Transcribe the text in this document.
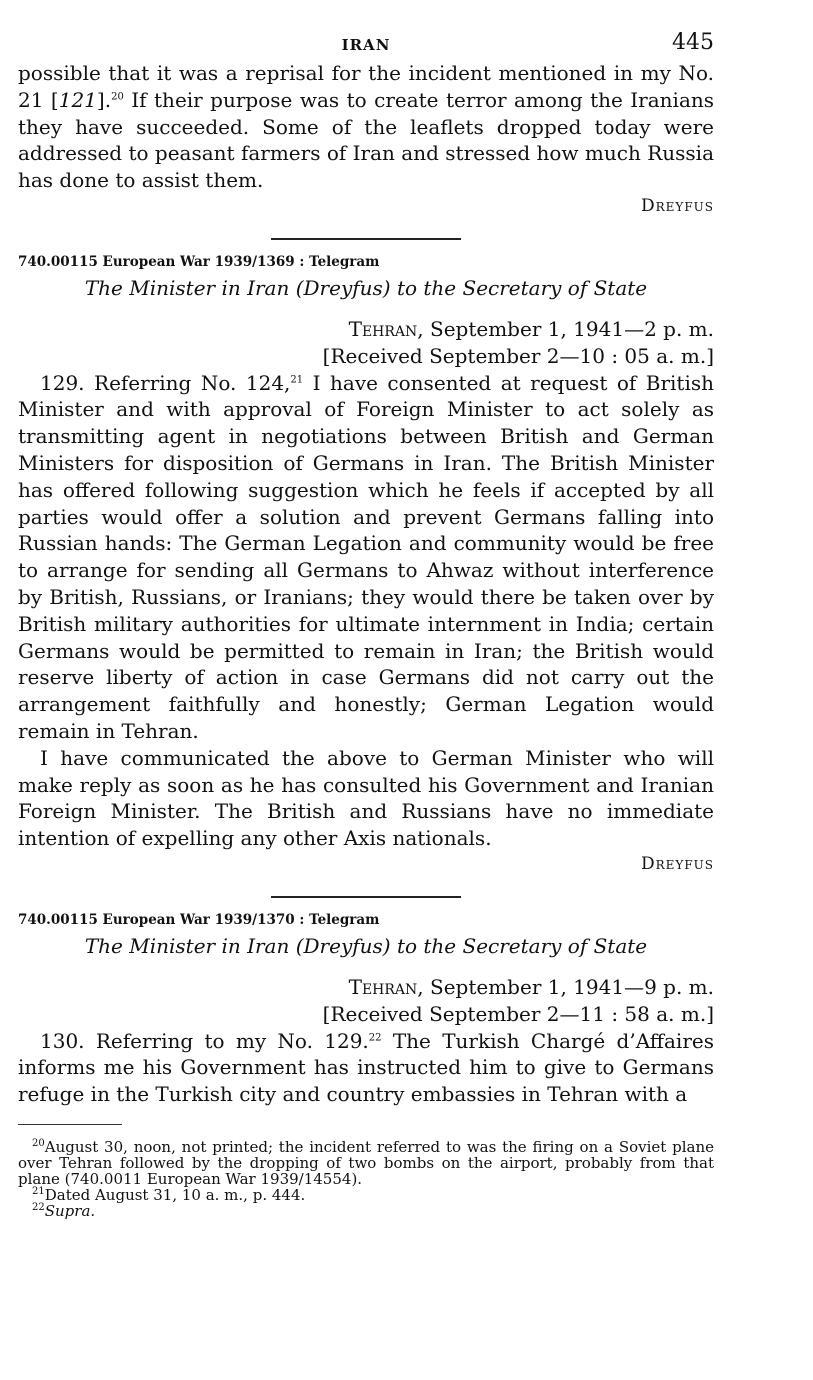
IRAN	445

possible that it was a reprisal for the incident mentioned in my No. 21 [121].$^{20}$ If their purpose was to create terror among the Iranians they have succeeded. Some of the leaflets dropped today were addressed to peasant farmers of Iran and stressed how much Russia has done to assist them.

Dreyfus
740.00115 European War 1939/1369 : Telegram
The Minister in Iran (Dreyfus) to the Secretary of State
Tehran, September 1, 1941—2 p. m.
[Received September 2—10 : 05 a. m.]

129. Referring No. 124,21 I have consented at request of British Minister and with approval of Foreign Minister to act solely as transmitting agent in negotiations between British and German Ministers for disposition of Germans in Iran. The British Minister has offered following suggestion which he feels if accepted by all parties would offer a solution and prevent Germans falling into Russian hands: The German Legation and community would be free to arrange for sending all Germans to Ahwaz without interference by British, Russians, or Iranians; they would there be taken over by British military authorities for ultimate internment in India; certain Germans would be permitted to remain in Iran; the British would reserve liberty of action in case Germans did not carry out the arrangement faithfully and honestly; German Legation would remain in Tehran.

I have communicated the above to German Minister who will make reply as soon as he has consulted his Government and Iranian Foreign Minister. The British and Russians have no immediate intention of expelling any other Axis nationals.

Dreyfus
740.00115 European War 1939/1370 : Telegram
The Minister in Iran (Dreyfus) to the Secretary of State
Tehran, September 1, 1941—9 p. m.
[Received September 2—11 : 58 a. m.]

130. Referring to my No. 129.22 The Turkish Chargé d’Affaires informs me his Government has instructed him to give to Germans refuge in the Turkish city and country embassies in Tehran with a

$^{20}$August 30, noon, not printed; the incident referred to was the firing on a Soviet plane over Tehran followed by the dropping of two bombs on the airport, probably from that plane (740.0011 European War 1939/14554).

$^{21}$Dated August 31, 10 a. m., p. 444.

$^{22}$Supra.
